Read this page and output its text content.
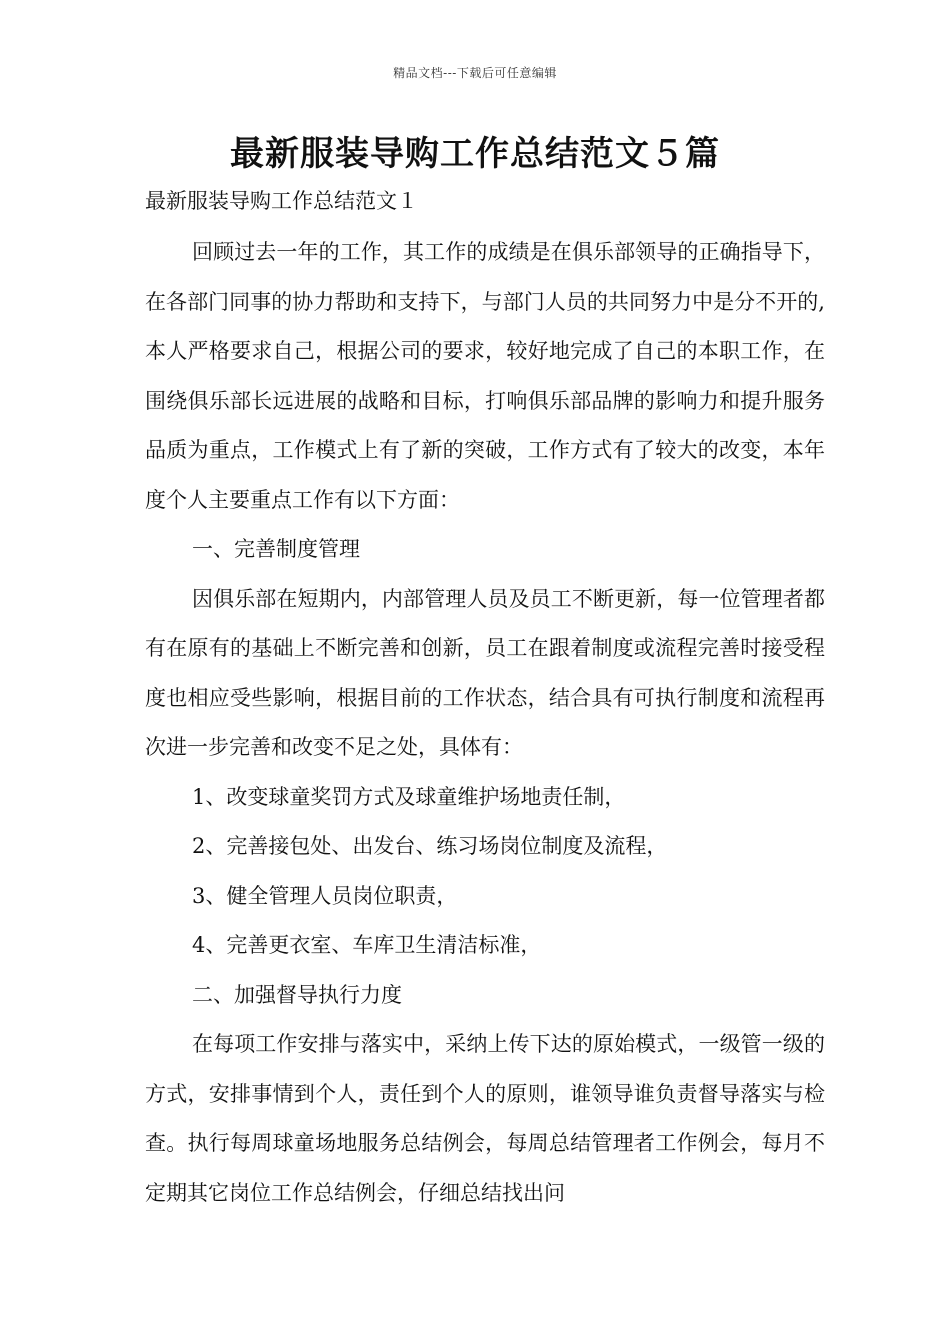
精品文档---下载后可任意编辑
最新服装导购工作总结范文５篇

最新服装导购工作总结范文１

回顾过去一年的工作，其工作的成绩是在俱乐部领导的正确指导下，在各部门同事的协力帮助和支持下，与部门人员的共同努力中是分不开的,本人严格要求自己，根据公司的要求，较好地完成了自己的本职工作，在围绕俱乐部长远进展的战略和目标，打响俱乐部品牌的影响力和提升服务品质为重点，工作模式上有了新的突破，工作方式有了较大的改变，本年度个人主要重点工作有以下方面：

一、完善制度管理

因俱乐部在短期内，内部管理人员及员工不断更新，每一位管理者都有在原有的基础上不断完善和创新，员工在跟着制度或流程完善时接受程度也相应受些影响，根据目前的工作状态，结合具有可执行制度和流程再次进一步完善和改变不足之处，具体有：

1、改变球童奖罚方式及球童维护场地责任制，

2、完善接包处、出发台、练习场岗位制度及流程，

3、健全管理人员岗位职责，

4、完善更衣室、车库卫生清洁标准，

二、加强督导执行力度

在每项工作安排与落实中，采纳上传下达的原始模式，一级管一级的方式，安排事情到个人，责任到个人的原则，谁领导谁负责督导落实与检查。执行每周球童场地服务总结例会，每周总结管理者工作例会，每月不定期其它岗位工作总结例会，仔细总结找出问
